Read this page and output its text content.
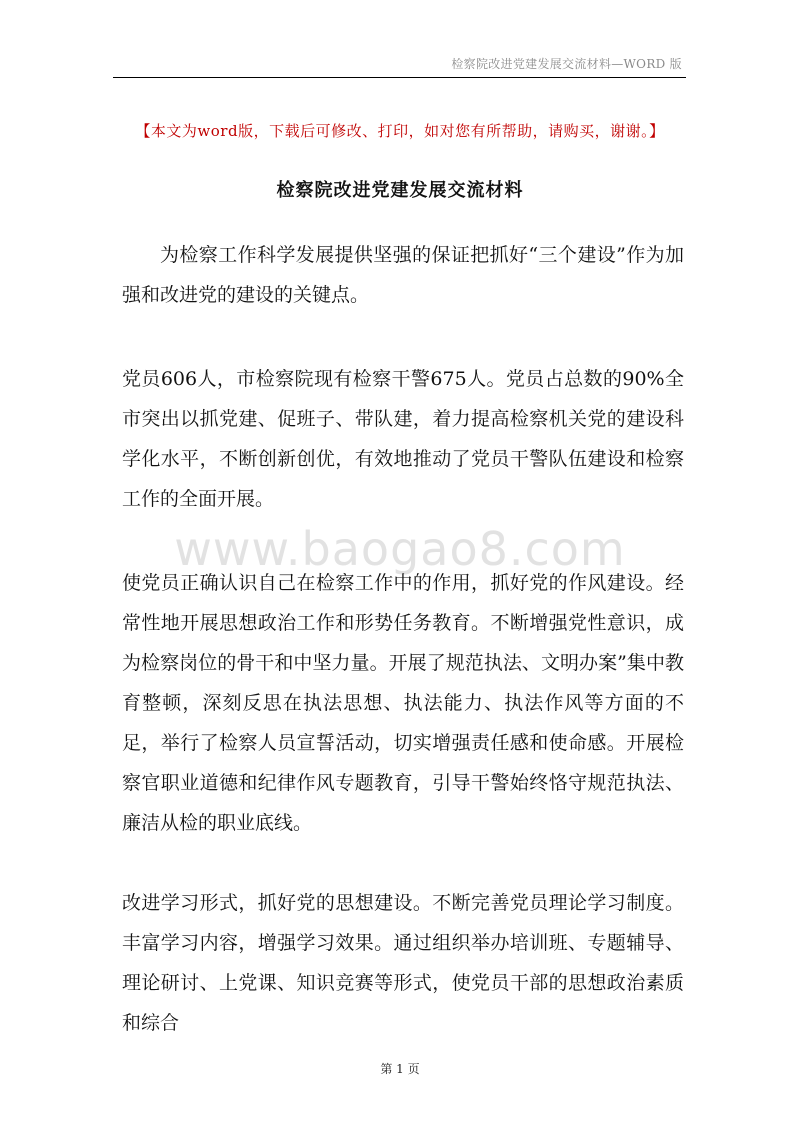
检察院改进党建发展交流材料—WORD 版
【本文为word版，下载后可修改、打印，如对您有所帮助，请购买，谢谢。】
检察院改进党建发展交流材料
www.baogao8.com
为检察工作科学发展提供坚强的保证把抓好“三个建设”作为加强和改进党的建设的关键点。
党员606人，市检察院现有检察干警675人。党员占总数的90%全市突出以抓党建、促班子、带队建，着力提高检察机关党的建设科学化水平，不断创新创优，有效地推动了党员干警队伍建设和检察工作的全面开展。
使党员正确认识自己在检察工作中的作用，抓好党的作风建设。经常性地开展思想政治工作和形势任务教育。不断增强党性意识，成为检察岗位的骨干和中坚力量。开展了规范执法、文明办案”集中教育整顿，深刻反思在执法思想、执法能力、执法作风等方面的不足，举行了检察人员宣誓活动，切实增强责任感和使命感。开展检察官职业道德和纪律作风专题教育，引导干警始终恪守规范执法、廉洁从检的职业底线。
改进学习形式，抓好党的思想建设。不断完善党员理论学习制度。丰富学习内容，增强学习效果。通过组织举办培训班、专题辅导、理论研讨、上党课、知识竞赛等形式，使党员干部的思想政治素质和综合
第 1 页
